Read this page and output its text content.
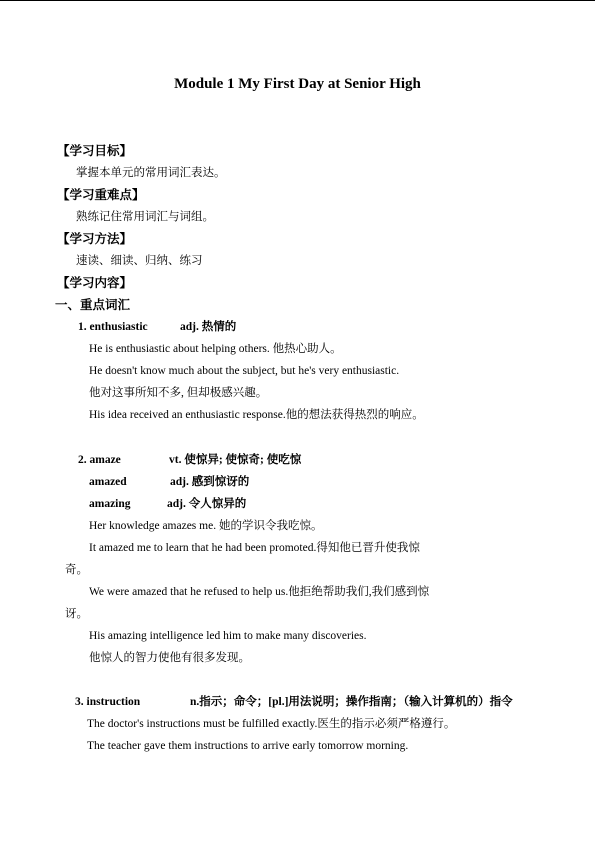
Module 1 My First Day at Senior High
【学习目标】
掌握本单元的常用词汇表达。
【学习重难点】
熟练记住常用词汇与词组。
【学习方法】
速读、细读、归纳、练习
【学习内容】
一、重点词汇
1. enthusiastic	adj. 热情的
He is enthusiastic about helping others. 他热心助人。
He doesn't know much about the subject, but he's very enthusiastic.
他对这事所知不多, 但却极感兴趣。
His idea received an enthusiastic response.他的想法获得热烈的响应。
2. amaze	vt. 使惊异; 使惊奇; 使吃惊
amazed	adj. 感到惊讶的
amazing	adj. 令人惊异的
Her knowledge amazes me. 她的学识令我吃惊。
It amazed me to learn that he had been promoted.得知他已晋升使我惊
奇。
We were amazed that he refused to help us.他拒绝帮助我们,我们感到惊
讶。
His amazing intelligence led him to make many discoveries.
他惊人的智力使他有很多发现。
3. instruction	n.指示；命令；[pl.]用法说明；操作指南；（输入计算机的）指令
The doctor's instructions must be fulfilled exactly.医生的指示必须严格遵行。
The teacher gave them instructions to arrive early tomorrow morning.
